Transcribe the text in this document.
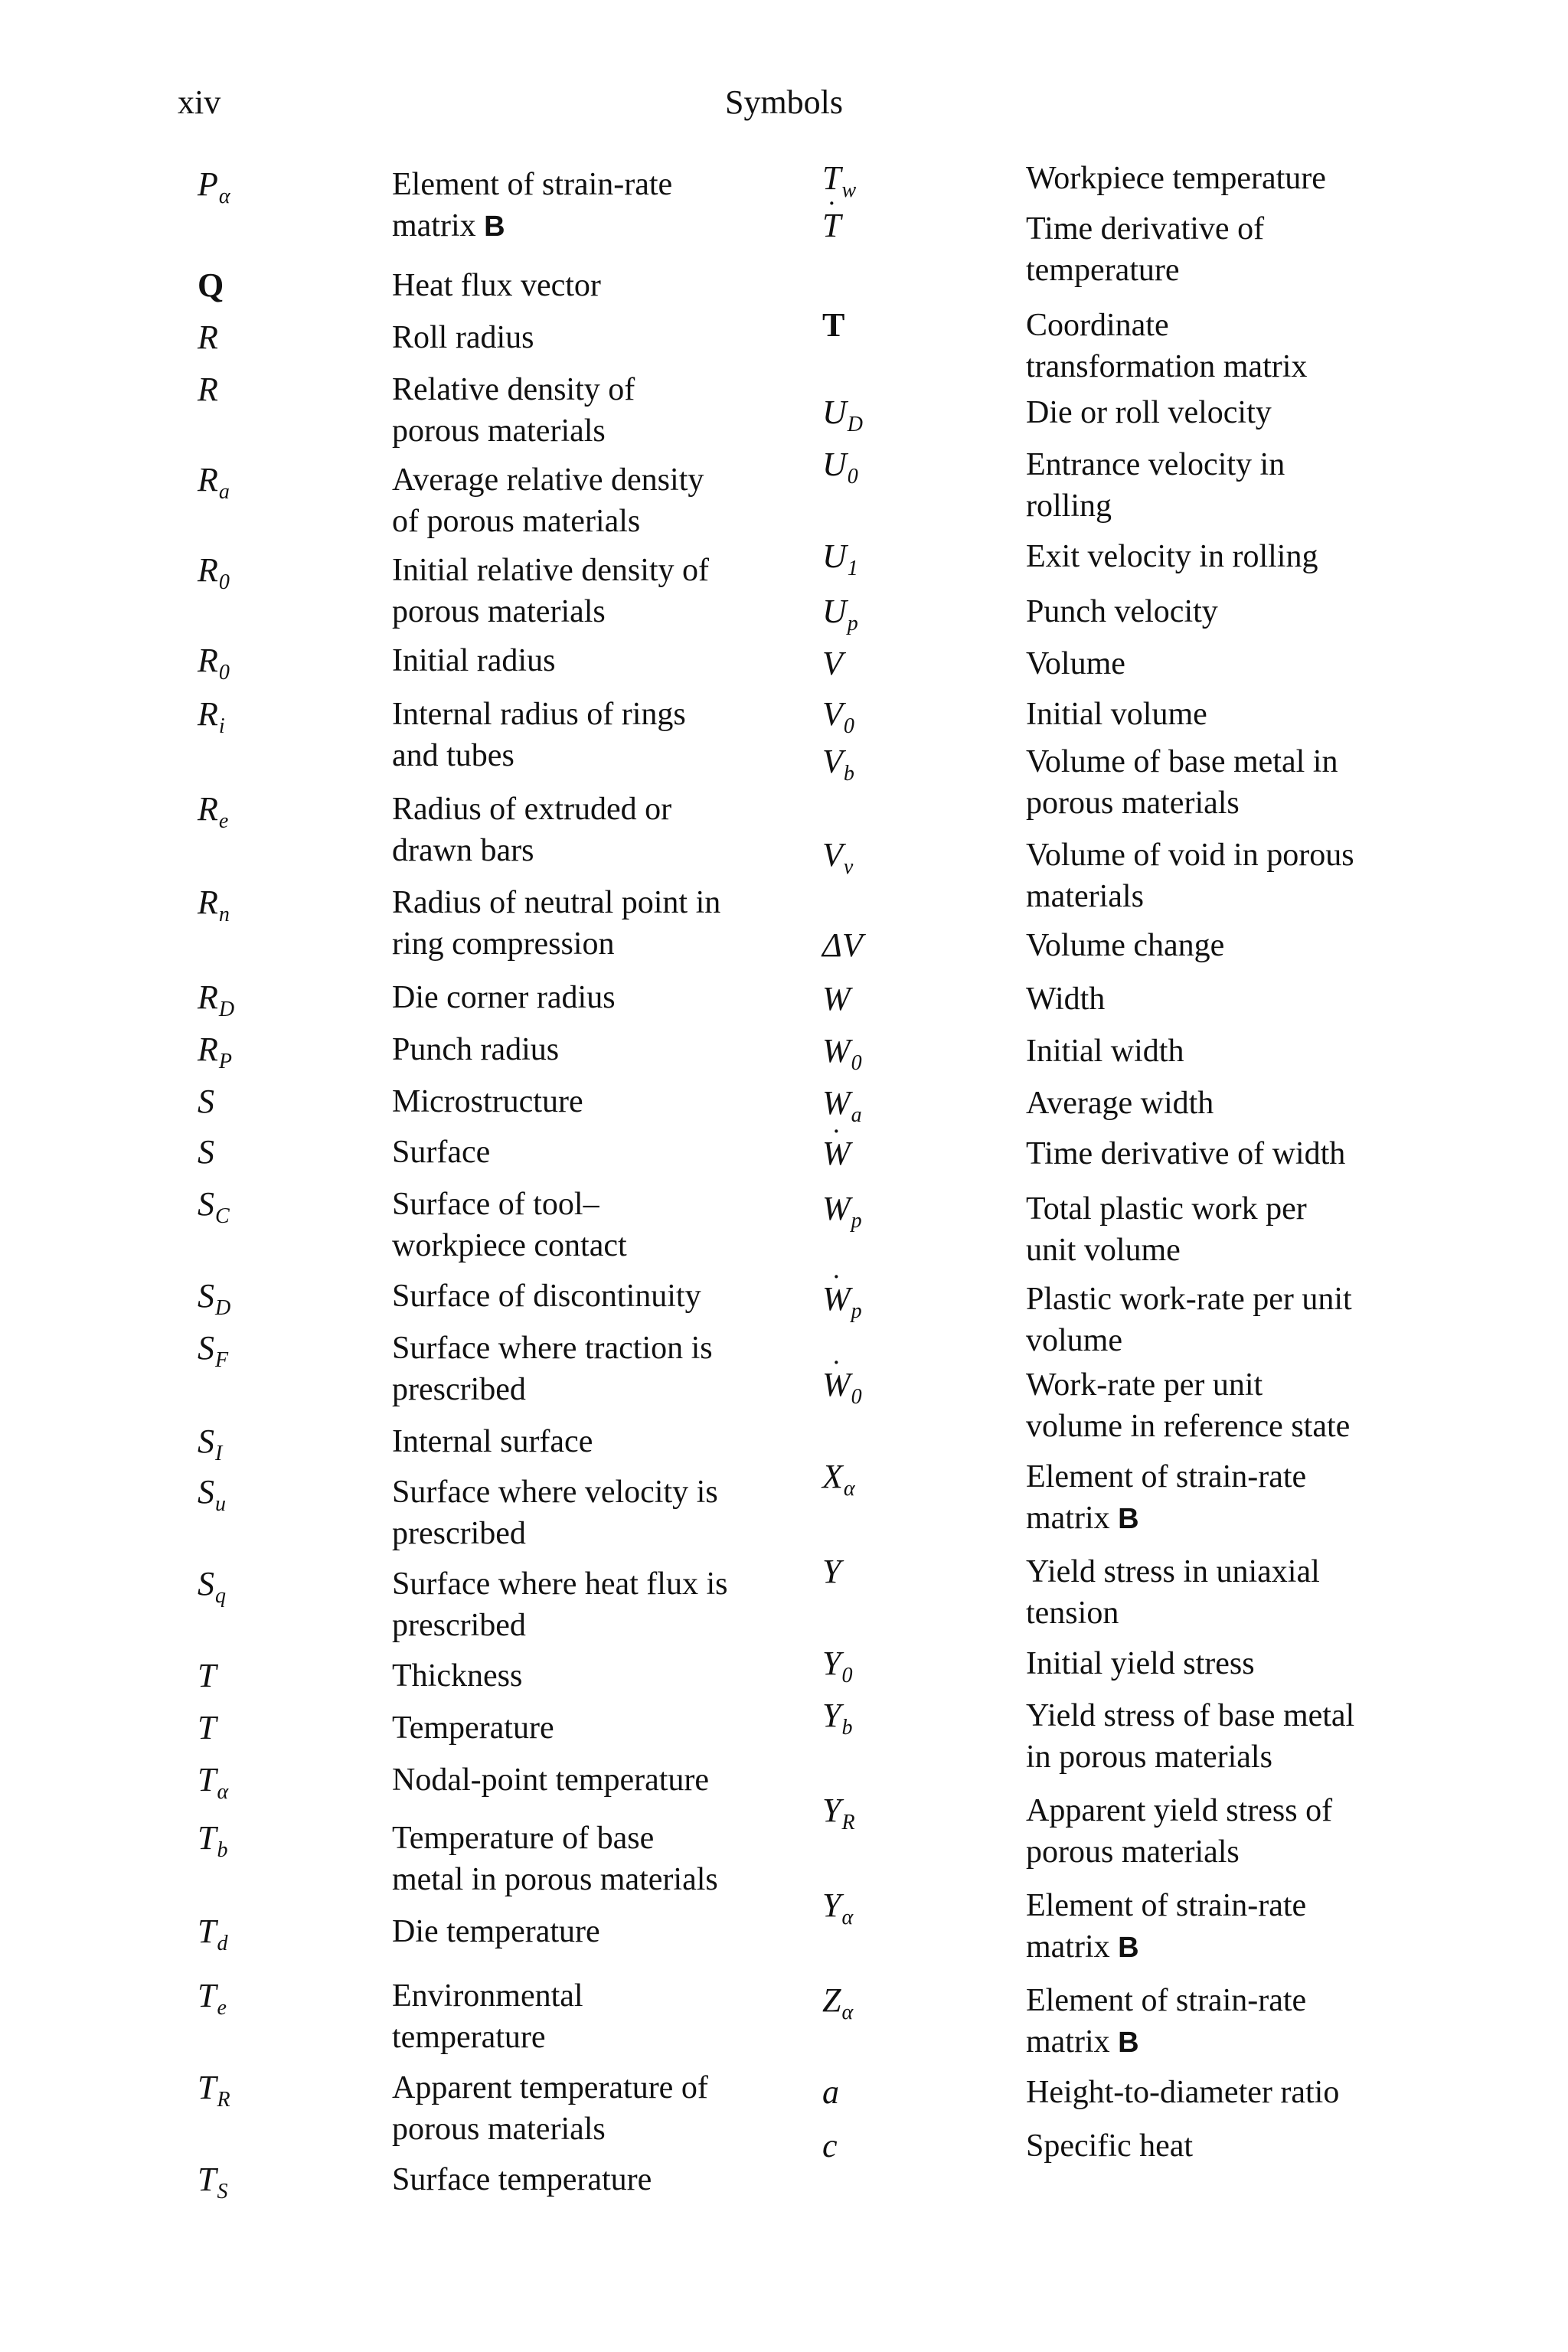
xiv	Symbols
$P_\alpha$	Element of strain-rate
matrix B
Q	Heat flux vector
R	Roll radius
R	Relative density of
porous materials
$R_a$	Average relative density
of porous materials
$R_0$	Initial relative density of
porous materials
$R_0$	Initial radius
$R_i$	Internal radius of rings
and tubes
$R_e$	Radius of extruded or
drawn bars
$R_n$	Radius of neutral point in
ring compression
$R_D$	Die corner radius
$R_P$	Punch radius
S	Microstructure
S	Surface
$S_C$	Surface of tool–
workpiece contact
$S_D$	Surface of discontinuity
$S_F$	Surface where traction is
prescribed
$S_I$	Internal surface
$S_u$	Surface where velocity is
prescribed
$S_q$	Surface where heat flux is
prescribed
T	Thickness
T	Temperature
$T_\alpha$	Nodal-point temperature
$T_b$	Temperature of base
metal in porous materials
$T_d$	Die temperature
$T_e$	Environmental
temperature
$T_R$	Apparent temperature of
porous materials
$T_S$	Surface temperature
$T_w$	Workpiece temperature
˙ T	Time derivative of
temperature
T	Coordinate
transformation matrix
$U_D$	Die or roll velocity
$U_0$	Entrance velocity in
rolling
$U_1$	Exit velocity in rolling
$U_p$	Punch velocity
V	Volume
$V_0$	Initial volume
$V_b$	Volume of base metal in
porous materials
$V_v$	Volume of void in porous
materials
ΔV	Volume change
W	Width
$W_0$	Initial width
$W_a$	Average width
˙ W	Time derivative of width
$W_p$	Total plastic work per
unit volume
˙ $W_p$	Plastic work-rate per unit
volume
˙ $W_0$	Work-rate per unit
volume in reference state
$X_\alpha$	Element of strain-rate
matrix B
Y	Yield stress in uniaxial
tension
$Y_0$	Initial yield stress
$Y_b$	Yield stress of base metal
in porous materials
$Y_R$	Apparent yield stress of
porous materials
$Y_\alpha$	Element of strain-rate
matrix B
$Z_\alpha$	Element of strain-rate
matrix B
a	Height-to-diameter ratio
c	Specific heat
